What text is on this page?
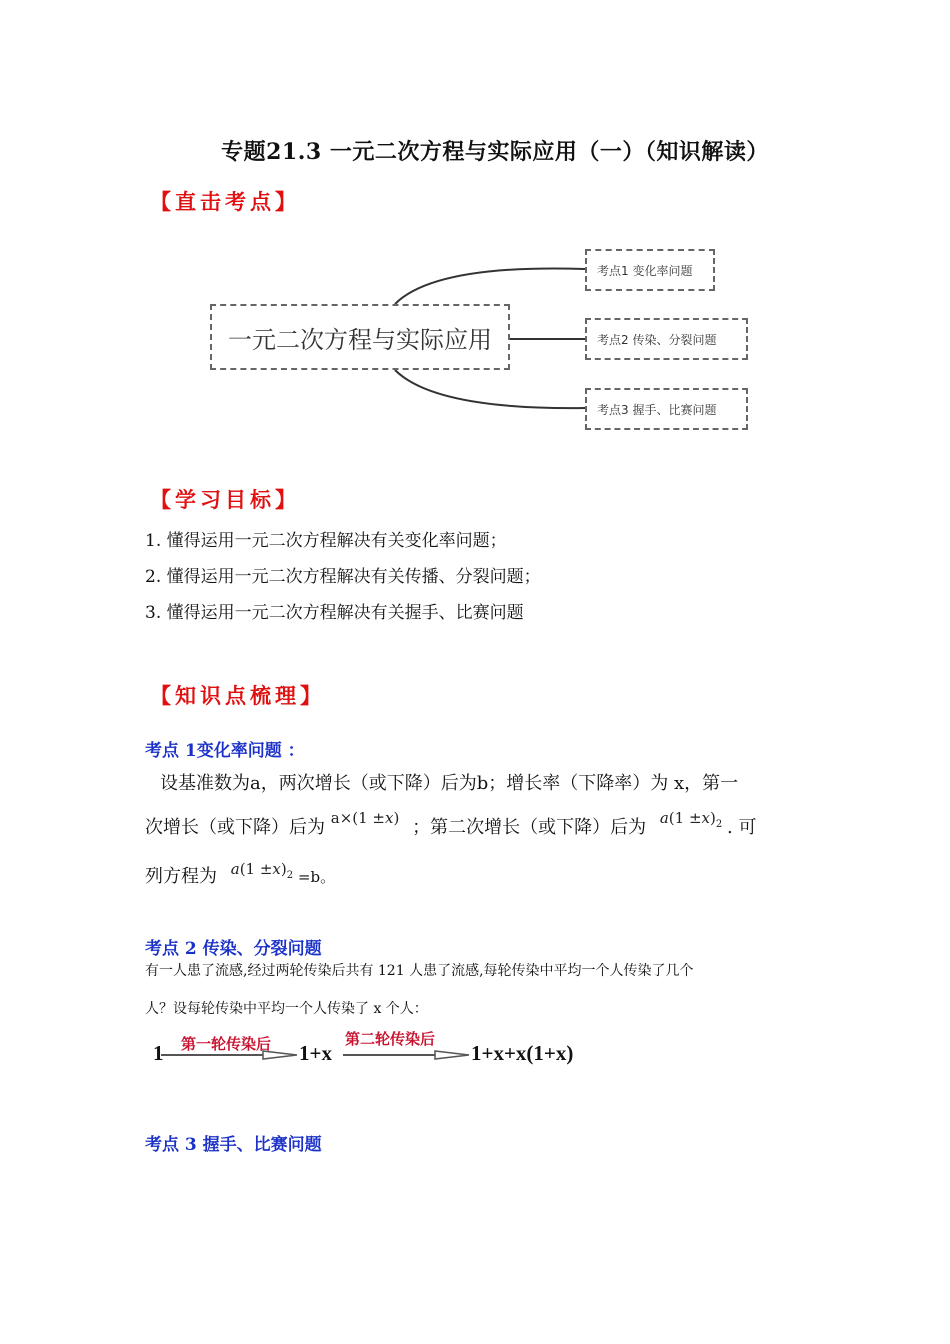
专题21.3 一元二次方程与实际应用（一）（知识解读）
【直击考点】
一元二次方程与实际应用
考点1 变化率问题
考点2 传染、分裂问题
考点3 握手、比赛问题
【学习目标】
1. 懂得运用一元二次方程解决有关变化率问题；
2. 懂得运用一元二次方程解决有关传播、分裂问题；
3. 懂得运用一元二次方程解决有关握手、比赛问题
【知识点梳理】
考点 1变化率问题 ：
设基准数为a，两次增长（或下降）后为b；增长率（下降率）为 x，第一
次增长（或下降）后为 $^{a\times(1 \pm x)}$ ；第二次增长（或下降）后为 $^{a(1 \pm x)_2}$ . 可
列方程为 $^{a(1 \pm x)_2}$ =b。
考点 2 传染、分裂问题
有一人患了流感,经过两轮传染后共有 121 人患了流感,每轮传染中平均一个人传染了几个
人？设每轮传染中平均一个人传染了 x 个人：
1 第一轮传染后 1+x
第二轮传染后
1+x+x(1+x)
考点 3 握手、比赛问题
